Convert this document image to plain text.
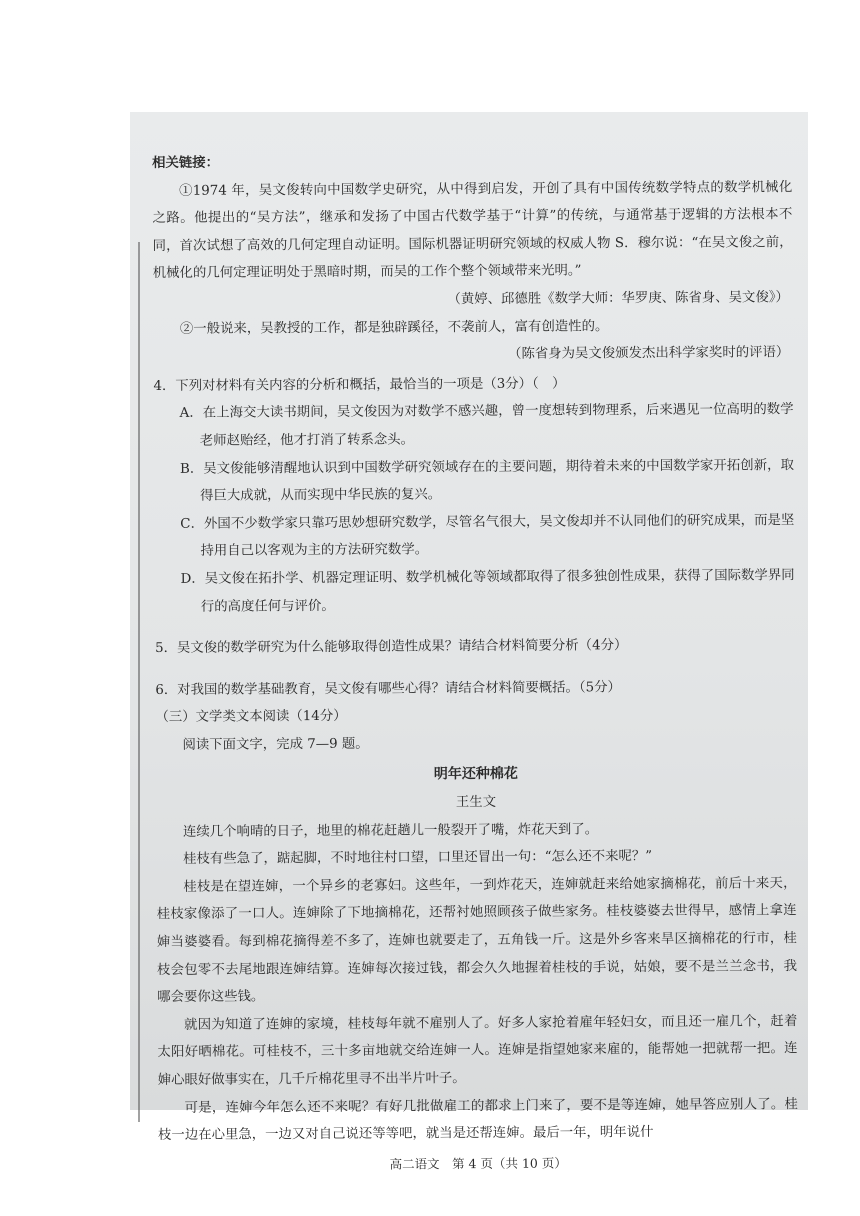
相关链接：

①1974 年，吴文俊转向中国数学史研究，从中得到启发，开创了具有中国传统数学特点的数学机械化之路。他提出的“吴方法”，继承和发扬了中国古代数学基于“计算”的传统，与通常基于逻辑的方法根本不同，首次试想了高效的几何定理自动证明。国际机器证明研究领域的权威人物 S．穆尔说：“在吴文俊之前，机械化的几何定理证明处于黑暗时期，而吴的工作个整个领域带来光明。”

（黄婷、邱德胜《数学大师：华罗庚、陈省身、吴文俊》）

②一般说来，吴教授的工作，都是独辟蹊径，不袭前人，富有创造性的。

（陈省身为吴文俊颁发杰出科学家奖时的评语）

4．下列对材料有关内容的分析和概括，最恰当的一项是（3分）（　）

A．在上海交大读书期间，吴文俊因为对数学不感兴趣，曾一度想转到物理系，后来遇见一位高明的数学老师赵贻经，他才打消了转系念头。

B．吴文俊能够清醒地认识到中国数学研究领域存在的主要问题，期待着未来的中国数学家开拓创新，取得巨大成就，从而实现中华民族的复兴。

C．外国不少数学家只靠巧思妙想研究数学，尽管名气很大，吴文俊却并不认同他们的研究成果，而是坚持用自己以客观为主的方法研究数学。

D．吴文俊在拓扑学、机器定理证明、数学机械化等领域都取得了很多独创性成果，获得了国际数学界同行的高度任何与评价。

5．吴文俊的数学研究为什么能够取得创造性成果？请结合材料简要分析（4分）

6．对我国的数学基础教育，吴文俊有哪些心得？请结合材料简要概括。（5分）

（三）文学类文本阅读（14分）

阅读下面文字，完成 7—9 题。

明年还种棉花

王生文

连续几个响晴的日子，地里的棉花赶趟儿一般裂开了嘴，炸花天到了。

桂枝有些急了，踮起脚，不时地往村口望，口里还冒出一句：“怎么还不来呢？”

桂枝是在望连婶，一个异乡的老寡妇。这些年，一到炸花天，连婶就赶来给她家摘棉花，前后十来天，桂枝家像添了一口人。连婶除了下地摘棉花，还帮衬她照顾孩子做些家务。桂枝婆婆去世得早，感情上拿连婶当婆婆看。每到棉花摘得差不多了，连婶也就要走了，五角钱一斤。这是外乡客来旱区摘棉花的行市，桂枝会包零不去尾地跟连婶结算。连婶每次接过钱，都会久久地握着桂枝的手说，姑娘，要不是兰兰念书，我哪会要你这些钱。

就因为知道了连婶的家境，桂枝每年就不雇别人了。好多人家抢着雇年轻妇女，而且还一雇几个，赶着太阳好晒棉花。可桂枝不，三十多亩地就交给连婶一人。连婶是指望她家来雇的，能帮她一把就帮一把。连婶心眼好做事实在，几千斤棉花里寻不出半片叶子。

可是，连婶今年怎么还不来呢？有好几批做雇工的都求上门来了，要不是等连婶，她早答应别人了。桂枝一边在心里急，一边又对自己说还等等吧，就当是还帮连婶。最后一年，明年说什

高二语文　第 4 页（共 10 页）
